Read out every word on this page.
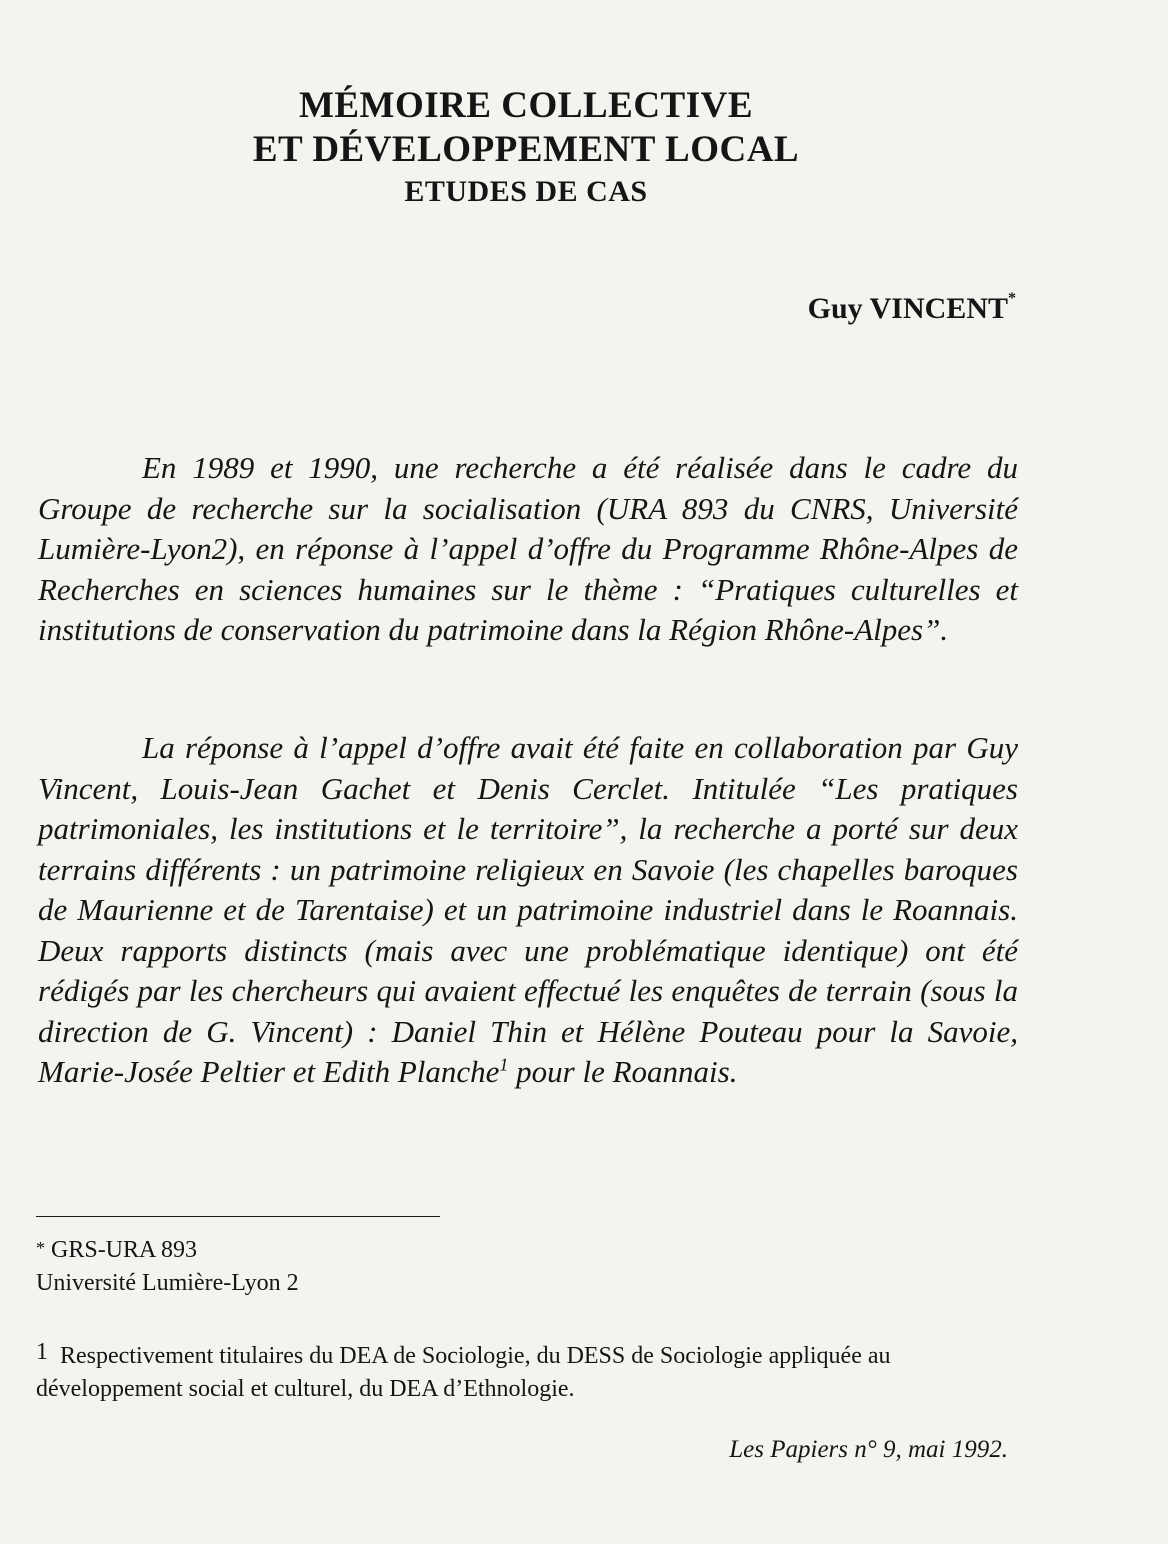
MÉMOIRE COLLECTIVE
ET DÉVELOPPEMENT LOCAL
ETUDES DE CAS
Guy VINCENT*

En 1989 et 1990, une recherche a été réalisée dans le cadre du Groupe de recherche sur la socialisation (URA 893 du CNRS, Université Lumière-Lyon2), en réponse à l’appel d’offre du Programme Rhône-Alpes de Recherches en sciences humaines sur le thème : “Pratiques culturelles et institutions de conservation du patrimoine dans la Région Rhône-Alpes”.

La réponse à l’appel d’offre avait été faite en collaboration par Guy Vincent, Louis-Jean Gachet et Denis Cerclet. Intitulée “Les pratiques patrimoniales, les institutions et le territoire”, la recherche a porté sur deux terrains différents : un patrimoine religieux en Savoie (les chapelles baroques de Maurienne et de Tarentaise) et un patrimoine industriel dans le Roannais. Deux rapports distincts (mais avec une problématique identique) ont été rédigés par les chercheurs qui avaient effectué les enquêtes de terrain (sous la direction de G. Vincent) : Daniel Thin et Hélène Pouteau pour la Savoie, Marie-Josée Peltier et Edith Planche$^1$ pour le Roannais.

* GRS-URA 893
Université Lumière-Lyon 2

1 Respectivement titulaires du DEA de Sociologie, du DESS de Sociologie appliquée au développement social et culturel, du DEA d’Ethnologie.

Les Papiers n° 9, mai 1992.
